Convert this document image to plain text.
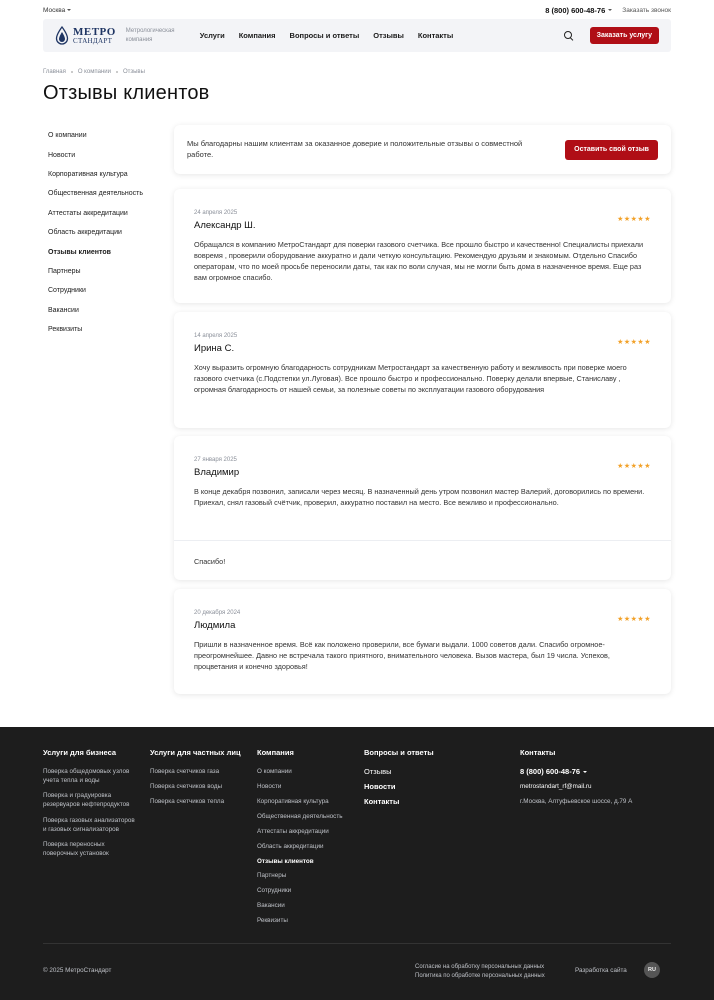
Москва	8 (800) 600-48-76	Заказать звонок
МЕТРО
СТАНДАРТ
Метрологическая компания	Услуги Компания Вопросы и ответы Отзывы Контакты	Заказать услугу
Главная О компании Отзывы
Отзывы клиентов
О компании
Новости
Корпоративная культура
Общественная деятельность
Аттестаты аккредитации
Область аккредитации
Отзывы клиентов
Партнеры
Сотрудники
Вакансии
Реквизиты
Мы благодарны нашим клиентам за оказанное доверие и положительные отзывы о совместной работе.	Оставить свой отзыв
24 апреля 2025
Александр Ш.
★★★★★
Обращался в компанию МетроСтандарт для поверки газового счетчика. Все прошло быстро и качественно! Специалисты приехали вовремя , проверили оборудование аккуратно и дали четкую консультацию. Рекомендую друзьям и знакомым. Отдельно Спасибо операторам, что по моей просьбе переносили даты, так как по воли случая, мы не могли быть дома в назначенное время. Еще раз вам огромное спасибо.
14 апреля 2025
Ирина С.
★★★★★
Хочу выразить огромную благодарность сотрудникам Метростандарт за качественную работу и вежливость при поверке моего газового счетчика (с.Подстепки ул.Луговая). Все прошло быстро и профессионально. Поверку делали впервые, Станиславу , огромная благодарность от нашей семьи, за полезные советы по эксплуатации газового оборудования
27 января 2025
Владимир
★★★★★
В конце декабря позвонил, записали через месяц. В назначенный день утром позвонил мастер Валерий, договорились по времени. Приехал, снял газовый счётчик, проверил, аккуратно поставил на место. Все вежливо и профессионально.
Спасибо!
20 декабря 2024
Людмила
★★★★★
Пришли в назначенное время. Всё как положено проверили, все бумаги выдали. 1000 советов дали. Спасибо огромное-преогромнейшее. Давно не встречала такого приятного, внимательного человека. Вызов мастера, был 19 числа. Успехов, процветания и конечно здоровья!
Услуги для бизнеса
Поверка общедомовых узлов учета тепла и воды
Поверка и градуировка резервуаров нефтепродуктов
Поверка газовых анализаторов и газовых сигнализаторов
Поверка переносных поверочных установок
Услуги для частных лиц
Поверка счетчиков газа
Поверка счетчиков воды
Поверка счетчиков тепла
Компания
О компании
Новости
Корпоративная культура
Общественная деятельность
Аттестаты аккредитации
Область аккредитации
Отзывы клиентов
Партнеры
Сотрудники
Вакансии
Реквизиты
Вопросы и ответы
Отзывы
Новости
Контакты
Контакты
8 (800) 600-48-76
metrostandart_rf@mail.ru
г.Москва, Алтуфьевское шоссе, д.79 А
© 2025 МетроСтандарт	Согласие на обработку персональных данных
Политика по обработке персональных данных
Разработка сайта	RU
